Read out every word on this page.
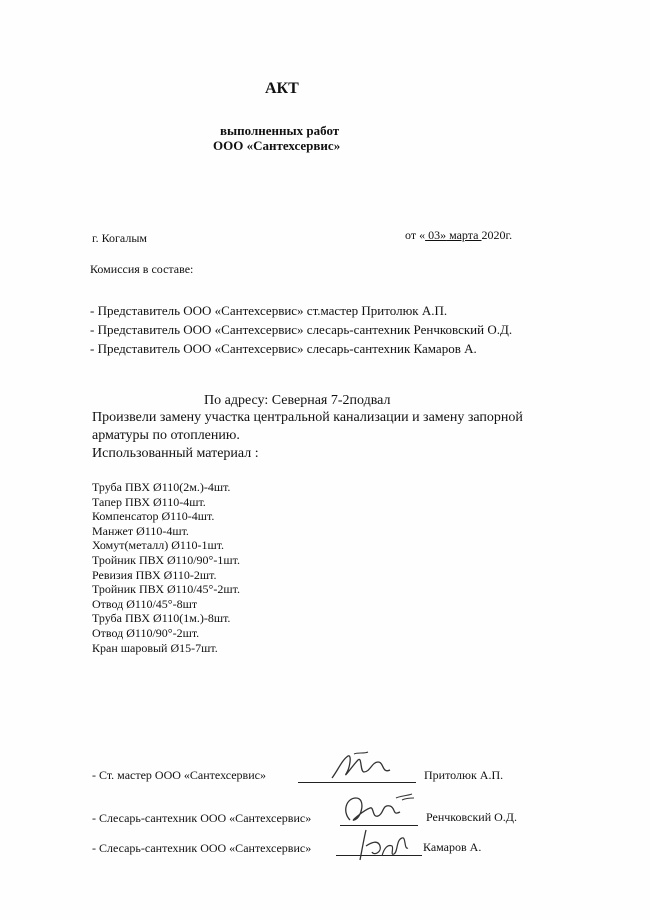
АКТ
выполненных работ
ООО «Сантехсервис»
г. Когалым	от « 03» марта 2020г.
Комиссия в составе:
- Представитель ООО «Сантехсервис» ст.мастер Пpитолюк А.П.
- Представитель ООО «Сантехсервис» слесарь-сантехник Ренчковский О.Д.
- Представитель ООО «Сантехсервис» слесарь-сантехник Камаров А.
По адресу: Северная 7-2подвал
Произвели замену участка центральной канализации и замену запорной
арматуры по отоплению.
Использованный материал :
Труба ПВХ Ø110(2м.)-4шт.
Тапер ПВХ Ø110-4шт.
Компенсатор Ø110-4шт.
Манжет Ø110-4шт.
Хомут(металл) Ø110-1шт.
Тройник ПВХ Ø110/90°-1шт.
Ревизия ПВХ Ø110-2шт.
Тройник ПВХ Ø110/45°-2шт.
Отвод Ø110/45°-8шт
Труба ПВХ Ø110(1м.)-8шт.
Отвод Ø110/90°-2шт.
Кран шаровый Ø15-7шт.
- Ст. мастер ООО «Сантехсервис»	Пpитолюк А.П.
- Слесарь-сантехник ООО «Сантехсервис»	Ренчковский О.Д.
- Слесарь-сантехник ООО «Сантехсервис»	Камаров А.
